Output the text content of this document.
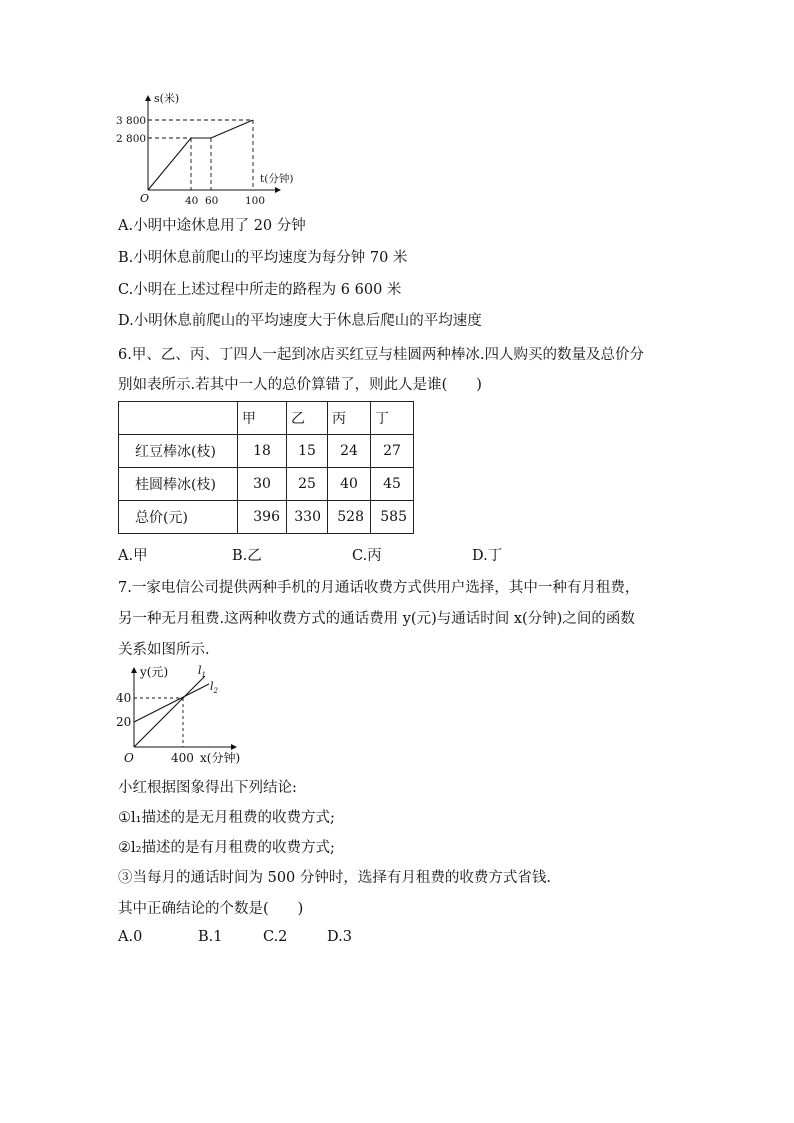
s(米)
3 800
2 800
t(分钟)
O	40 60	100
A.小明中途休息用了 20 分钟
B.小明休息前爬山的平均速度为每分钟 70 米
C.小明在上述过程中所走的路程为 6 600 米
D.小明休息前爬山的平均速度大于休息后爬山的平均速度
6.甲、乙、丙、丁四人一起到冰店买红豆与桂圆两种棒冰.四人购买的数量及总价分
别如表所示.若其中一人的总价算错了，则此人是谁(　　)
	甲	乙	丙	丁
红豆棒冰(枝)	18	15	24	27
桂圆棒冰(枝)	30	25	40	45
总价(元)	396	330	528	585
A.甲	B.乙	C.丙	D.丁
7.一家电信公司提供两种手机的月通话收费方式供用户选择，其中一种有月租费，
另一种无月租费.这两种收费方式的通话费用 y(元)与通话时间 x(分钟)之间的函数
关系如图所示.
y(元)
40
20
O	400 x(分钟)
$l_1$
$l_2$
小红根据图象得出下列结论:
①l₁描述的是无月租费的收费方式;
②l₂描述的是有月租费的收费方式;
③当每月的通话时间为 500 分钟时，选择有月租费的收费方式省钱.
其中正确结论的个数是(　　)
A.0	B.1	C.2	D.3
